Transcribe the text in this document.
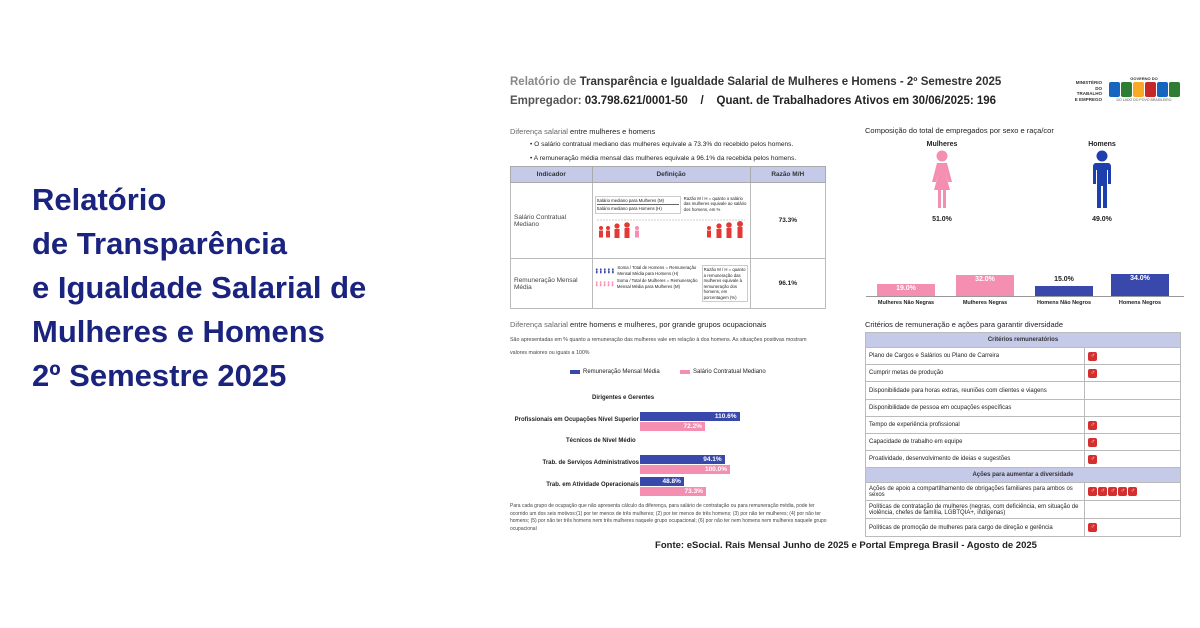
Relatório
de Transparência
e Igualdade Salarial de
Mulheres e Homens
2º Semestre 2025
Relatório de Transparência e Igualdade Salarial de Mulheres e Homens - 2º Semestre 2025
Empregador: 03.798.621/0001-50 / Quant. de Trabalhadores Ativos em 30/06/2025: 196
MINISTÉRIO
DO
TRABALHO
E EMPREGO
GOVERNO DO
DO LADO DO POVO BRASILEIRO
Diferença salarial entre mulheres e homens
• O salário contratual mediano das mulheres equivale a 73.3% do recebido pelos homens.
• A remuneração média mensal das mulheres equivale a 96.1% da recebida pelos homens.
Indicador	Definição	Razão M/H
Salário Contratual Mediano	Salário mediano para Mulheres (M)
Salário mediano para Homens (H)
Razão M / H = quanto o salário das mulheres equivale ao salário dos homens, em %	73.3%
Remuneração Mensal Média	Soma / Total de Homens = Remuneração Mensal Média para Homens (H)
Soma / Total de Mulheres = Remuneração Mensal Média para Mulheres (M)
Razão M / H = quanto a remuneração das mulheres equivale à remuneração dos homens, em porcentagem (%)	96.1%
Diferença salarial entre homens e mulheres, por grande grupos ocupacionais
São apresentadas em % quanto a remuneração das mulheres vale em relação à dos homens. As situações positivas mostram valores maiores ou iguais a 100%
Remuneração Mensal Média	Salário Contratual Mediano
Dirigentes e Gerentes
Profissionais em Ocupações Nível Superior	110.6%
72.2%
Técnicos de Nível Médio
Trab. de Serviços Administrativos	94.1%
100.0%
Trab. em Atividade Operacionais	48.8%
73.3%
Para cada grupo de ocupação que não apresenta cálculo da diferença, para salário de contratação ou para remuneração média, pode ter ocorrido um dos seis motivos:(1) por ter menos de três mulheres; (2) por ter menos de três homens; (3) por não ter mulheres; (4) por não ter homens; (5) por não ter três homens nem três mulheres naquele grupo ocupacional; (6) por não ter nem homens nem mulheres naquele grupo ocupacional
Composição do total de empregados por sexo e raça/cor
Mulheres	Homens
51.0%	49.0%
19.0%
Mulheres Não Negras
32.0%
Mulheres Negras
15.0%
Homens Não Negros
34.0%
Homens Negros
Critérios de remuneração e ações para garantir diversidade
Critérios remuneratórios	
Plano de Cargos e Salários ou Plano de Carreira	♂
Cumprir metas de produção	♂
Disponibilidade para horas extras, reuniões com clientes e viagens	
Disponibilidade de pessoa em ocupações específicas	
Tempo de experiência profissional	♂
Capacidade de trabalho em equipe	♂
Proatividade, desenvolvimento de ideias e sugestões	♂
Ações para aumentar a diversidade	
Ações de apoio a compartilhamento de obrigações familiares para ambos os sexos	♂ ♂ ♂ ♂ ♂
Políticas de contratação de mulheres (negras, com deficiência, em situação de violência, chefes de família, LGBTQIA+, indígenas)	
Políticas de promoção de mulheres para cargo de direção e gerência	♂
Fonte: eSocial. Rais Mensal Junho de 2025 e Portal Emprega Brasil - Agosto de 2025
